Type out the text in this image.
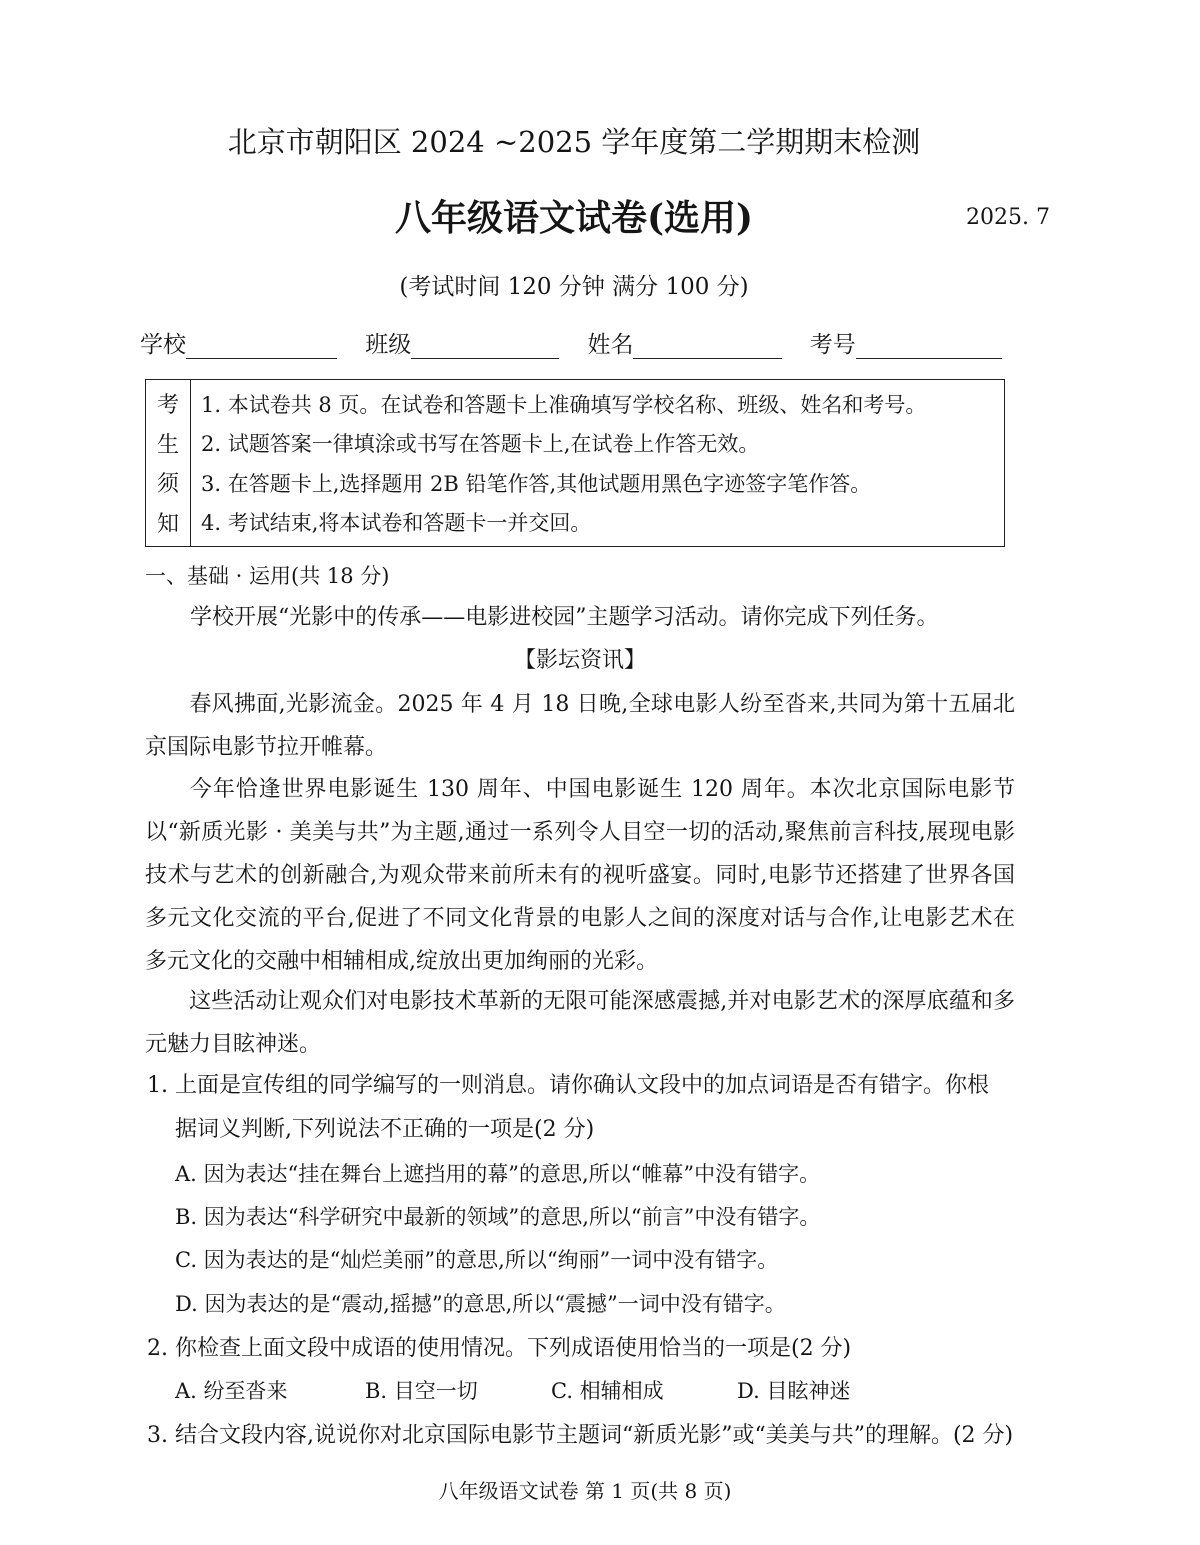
北京市朝阳区 2024 ~2025 学年度第二学期期末检测
八年级语文试卷(选用)	2025. 7
(考试时间 120 分钟 满分 100 分)
学校	班级	姓名	考号
考
生
须
知
1. 本试卷共 8 页。在试卷和答题卡上准确填写学校名称、班级、姓名和考号。
2. 试题答案一律填涂或书写在答题卡上,在试卷上作答无效。
3. 在答题卡上,选择题用 2B 铅笔作答,其他试题用黑色字迹签字笔作答。
4. 考试结束,将本试卷和答题卡一并交回。
一、基础 · 运用(共 18 分)
学校开展“光影中的传承——电影进校园”主题学习活动。请你完成下列任务。
【影坛资讯】
春风拂面,光影流金。2025 年 4 月 18 日晚,全球电影人纷至沓来,共同为第十五届北京国际电影节拉开帷幕。
今年恰逢世界电影诞生 130 周年、中国电影诞生 120 周年。本次北京国际电影节以“新质光影 · 美美与共”为主题,通过一系列令人目空一切的活动,聚焦前言科技,展现电影技术与艺术的创新融合,为观众带来前所未有的视听盛宴。同时,电影节还搭建了世界各国多元文化交流的平台,促进了不同文化背景的电影人之间的深度对话与合作,让电影艺术在多元文化的交融中相辅相成,绽放出更加绚丽的光彩。
这些活动让观众们对电影技术革新的无限可能深感震撼,并对电影艺术的深厚底蕴和多元魅力目眩神迷。
1. 上面是宣传组的同学编写的一则消息。请你确认文段中的加点词语是否有错字。你根
据词义判断,下列说法不正确的一项是(2 分)
A. 因为表达“挂在舞台上遮挡用的幕”的意思,所以“帷幕”中没有错字。
B. 因为表达“科学研究中最新的领域”的意思,所以“前言”中没有错字。
C. 因为表达的是“灿烂美丽”的意思,所以“绚丽”一词中没有错字。
D. 因为表达的是“震动,摇撼”的意思,所以“震撼”一词中没有错字。
2. 你检查上面文段中成语的使用情况。下列成语使用恰当的一项是(2 分)
A. 纷至沓来	B. 目空一切	C. 相辅相成	D. 目眩神迷
3. 结合文段内容,说说你对北京国际电影节主题词“新质光影”或“美美与共”的理解。(2 分)
八年级语文试卷 第 1 页(共 8 页)
